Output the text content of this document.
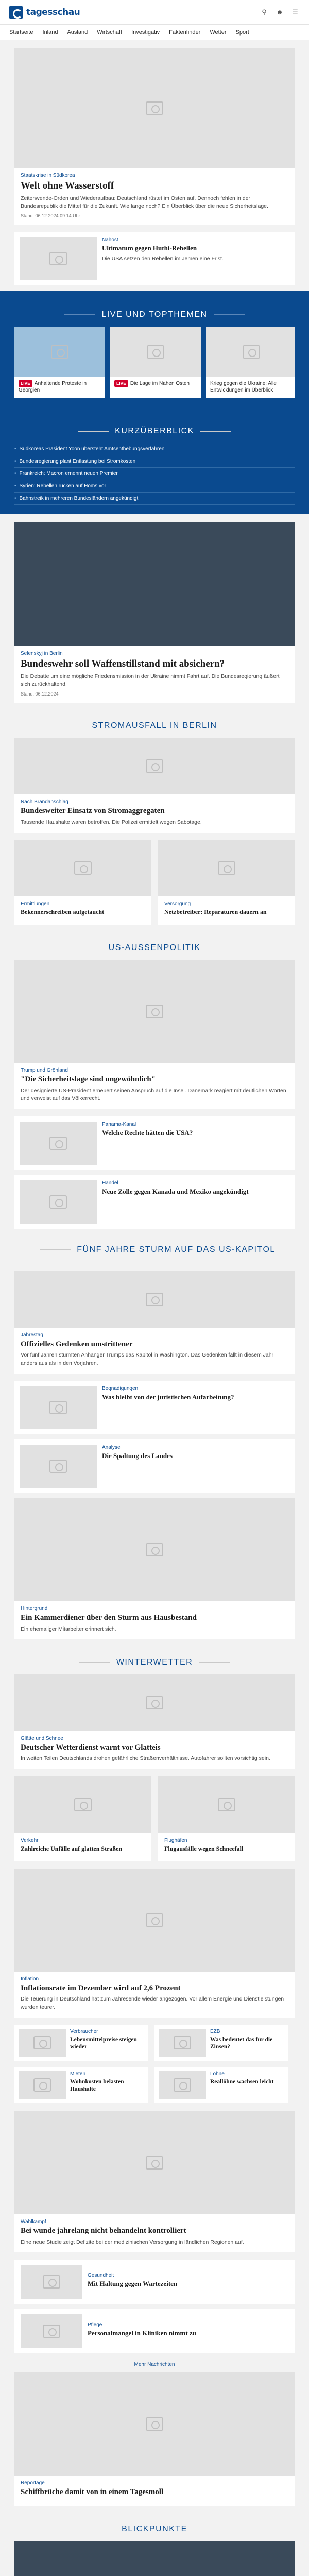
tagesschau	⚲	☻ ☰
Startseite Inland Ausland Wirtschaft Investigativ Faktenfinder Wetter Sport
Staatskrise in Südkorea
Welt ohne Wasserstoff
Zeitenwende-Orden und Wiederaufbau: Deutschland rüstet im Osten auf. Dennoch fehlen in der Bundesrepublik die Mittel für die Zukunft. Wie lange noch? Ein Überblick über die neue Sicherheitslage.
Stand: 06.12.2024 09:14 Uhr
Nahost
Ultimatum gegen Huthi-Rebellen
Die USA setzen den Rebellen im Jemen eine Frist.
LIVE UND TOPTHEMEN
LIVE Anhaltende Proteste in Georgien
LIVE Die Lage im Nahen Osten	Krieg gegen die Ukraine: Alle Entwicklungen im Überblick
KURZÜBERBLICK
• Südkoreas Präsident Yoon übersteht Amtsenthebungsverfahren
• Bundesregierung plant Entlastung bei Stromkosten
• Frankreich: Macron ernennt neuen Premier
• Syrien: Rebellen rücken auf Homs vor
• Bahnstreik in mehreren Bundesländern angekündigt
Selenskyj in Berlin
Bundeswehr soll Waffenstillstand mit absichern?
Die Debatte um eine mögliche Friedensmission in der Ukraine nimmt Fahrt auf. Die Bundesregierung äußert sich zurückhaltend.
Stand: 06.12.2024
STROMAUSFALL IN BERLIN
Nach Brandanschlag
Bundesweiter Einsatz von Stromaggregaten
Tausende Haushalte waren betroffen. Die Polizei ermittelt wegen Sabotage.
Ermittlungen
Bekennerschreiben aufgetaucht
Versorgung
Netzbetreiber: Reparaturen dauern an
US-AUSSENPOLITIK
Trump und Grönland
"Die Sicherheitslage sind ungewöhnlich"
Der designierte US-Präsident erneuert seinen Anspruch auf die Insel. Dänemark reagiert mit deutlichen Worten und verweist auf das Völkerrecht.
Panama-Kanal
Welche Rechte hätten die USA?
Handel
Neue Zölle gegen Kanada und Mexiko angekündigt
FÜNF JAHRE STURM AUF DAS US-KAPITOL
Jahrestag
Offizielles Gedenken umstrittener
Vor fünf Jahren stürmten Anhänger Trumps das Kapitol in Washington. Das Gedenken fällt in diesem Jahr anders aus als in den Vorjahren.
Begnadigungen
Was bleibt von der juristischen Aufarbeitung?
Analyse
Die Spaltung des Landes
Hintergrund
Ein Kammerdiener über den Sturm aus Hausbestand
Ein ehemaliger Mitarbeiter erinnert sich.
WINTERWETTER
Glätte und Schnee
Deutscher Wetterdienst warnt vor Glatteis
In weiten Teilen Deutschlands drohen gefährliche Straßenverhältnisse. Autofahrer sollten vorsichtig sein.
Verkehr
Zahlreiche Unfälle auf glatten Straßen
Flughäfen
Flugausfälle wegen Schneefall
Inflation
Inflationsrate im Dezember wird auf 2,6 Prozent
Die Teuerung in Deutschland hat zum Jahresende wieder angezogen. Vor allem Energie und Dienstleistungen wurden teurer.
Verbraucher
Lebensmittelpreise steigen wieder
EZB
Was bedeutet das für die Zinsen?
Mieten
Wohnkosten belasten Haushalte
Löhne
Reallöhne wachsen leicht
Wahlkampf
Bei wunde jahrelang nicht behandelnt kontrolliert
Eine neue Studie zeigt Defizite bei der medizinischen Versorgung in ländlichen Regionen auf.
Gesundheit
Mit Haltung gegen Wartezeiten
Pflege
Personalmangel in Kliniken nimmt zu
Mehr Nachrichten
Reportage
Schiffbrüche damit von in einem Tagesmoll
BLICKPUNKTE
